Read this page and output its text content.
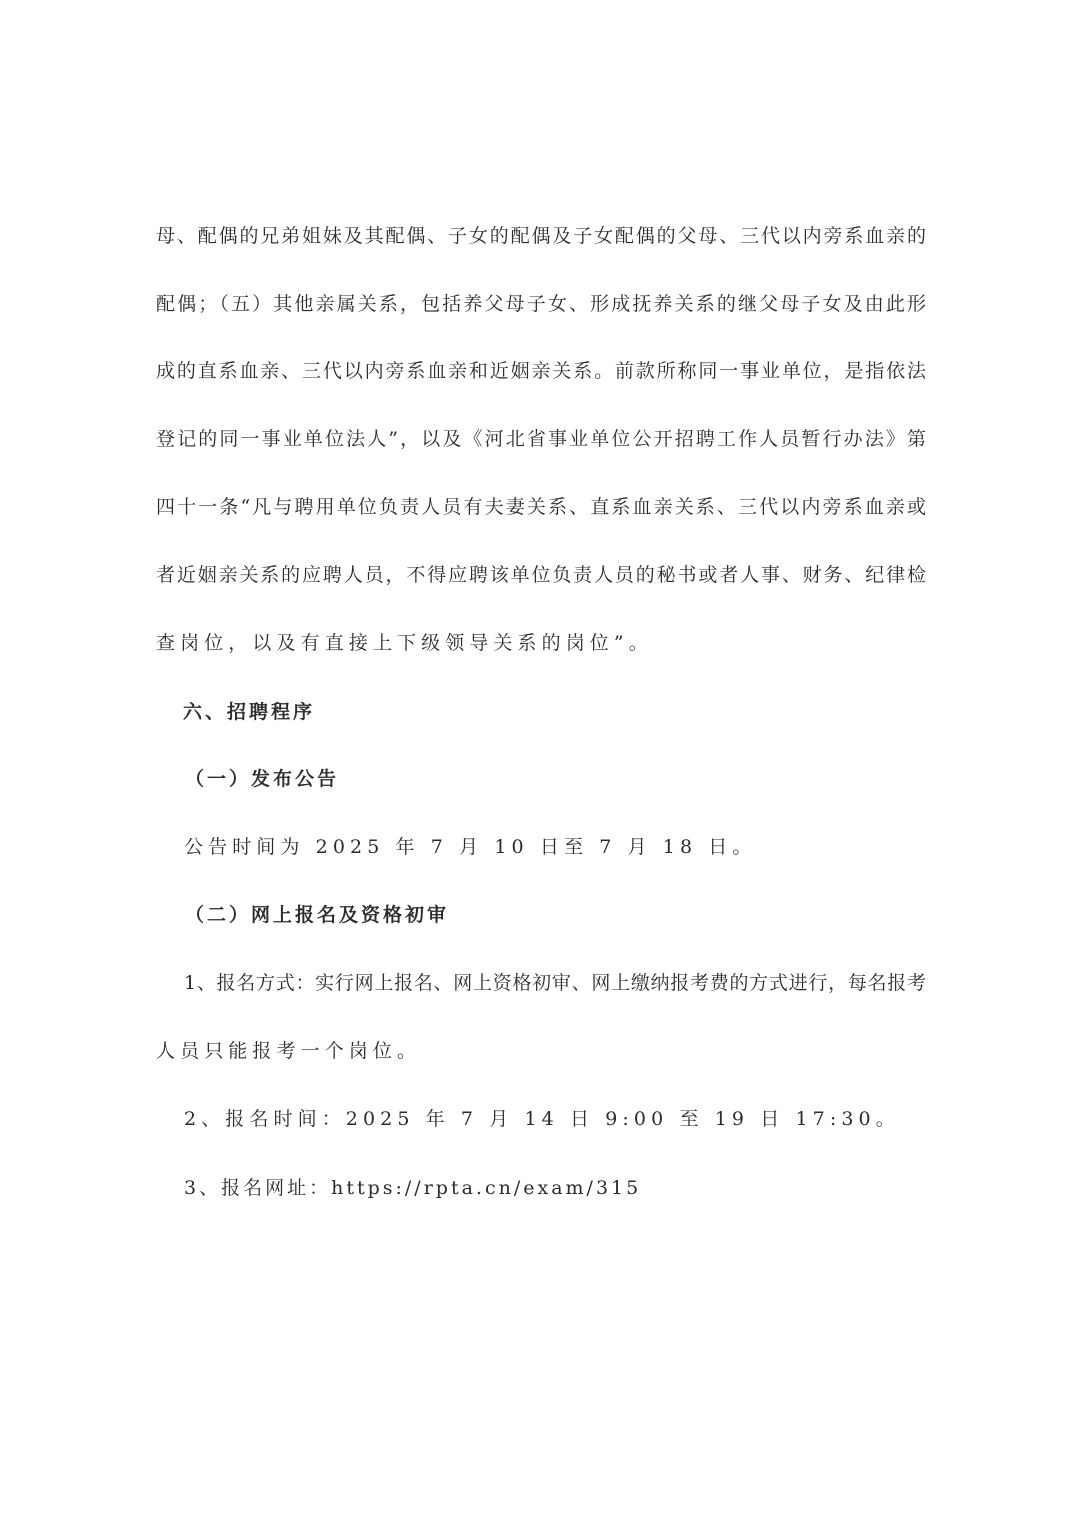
母、配偶的兄弟姐妹及其配偶、子女的配偶及子女配偶的父母、三代以内旁系血亲的

配偶；（五）其他亲属关系，包括养父母子女、形成抚养关系的继父母子女及由此形

成的直系血亲、三代以内旁系血亲和近姻亲关系。前款所称同一事业单位，是指依法

登记的同一事业单位法人”，以及《河北省事业单位公开招聘工作人员暂行办法》第

四十一条“凡与聘用单位负责人员有夫妻关系、直系血亲关系、三代以内旁系血亲或

者近姻亲关系的应聘人员，不得应聘该单位负责人员的秘书或者人事、财务、纪律检

查岗位，以及有直接上下级领导关系的岗位”。

六、招聘程序
（一）发布公告

公告时间为 2025 年 7 月 10 日至 7 月 18 日。

（二）网上报名及资格初审

1、报名方式：实行网上报名、网上资格初审、网上缴纳报考费的方式进行，每名报考

人员只能报考一个岗位。

2、报名时间：2025 年 7 月 14 日 9:00 至 19 日 17:30。

3、报名网址：https://rpta.cn/exam/315
